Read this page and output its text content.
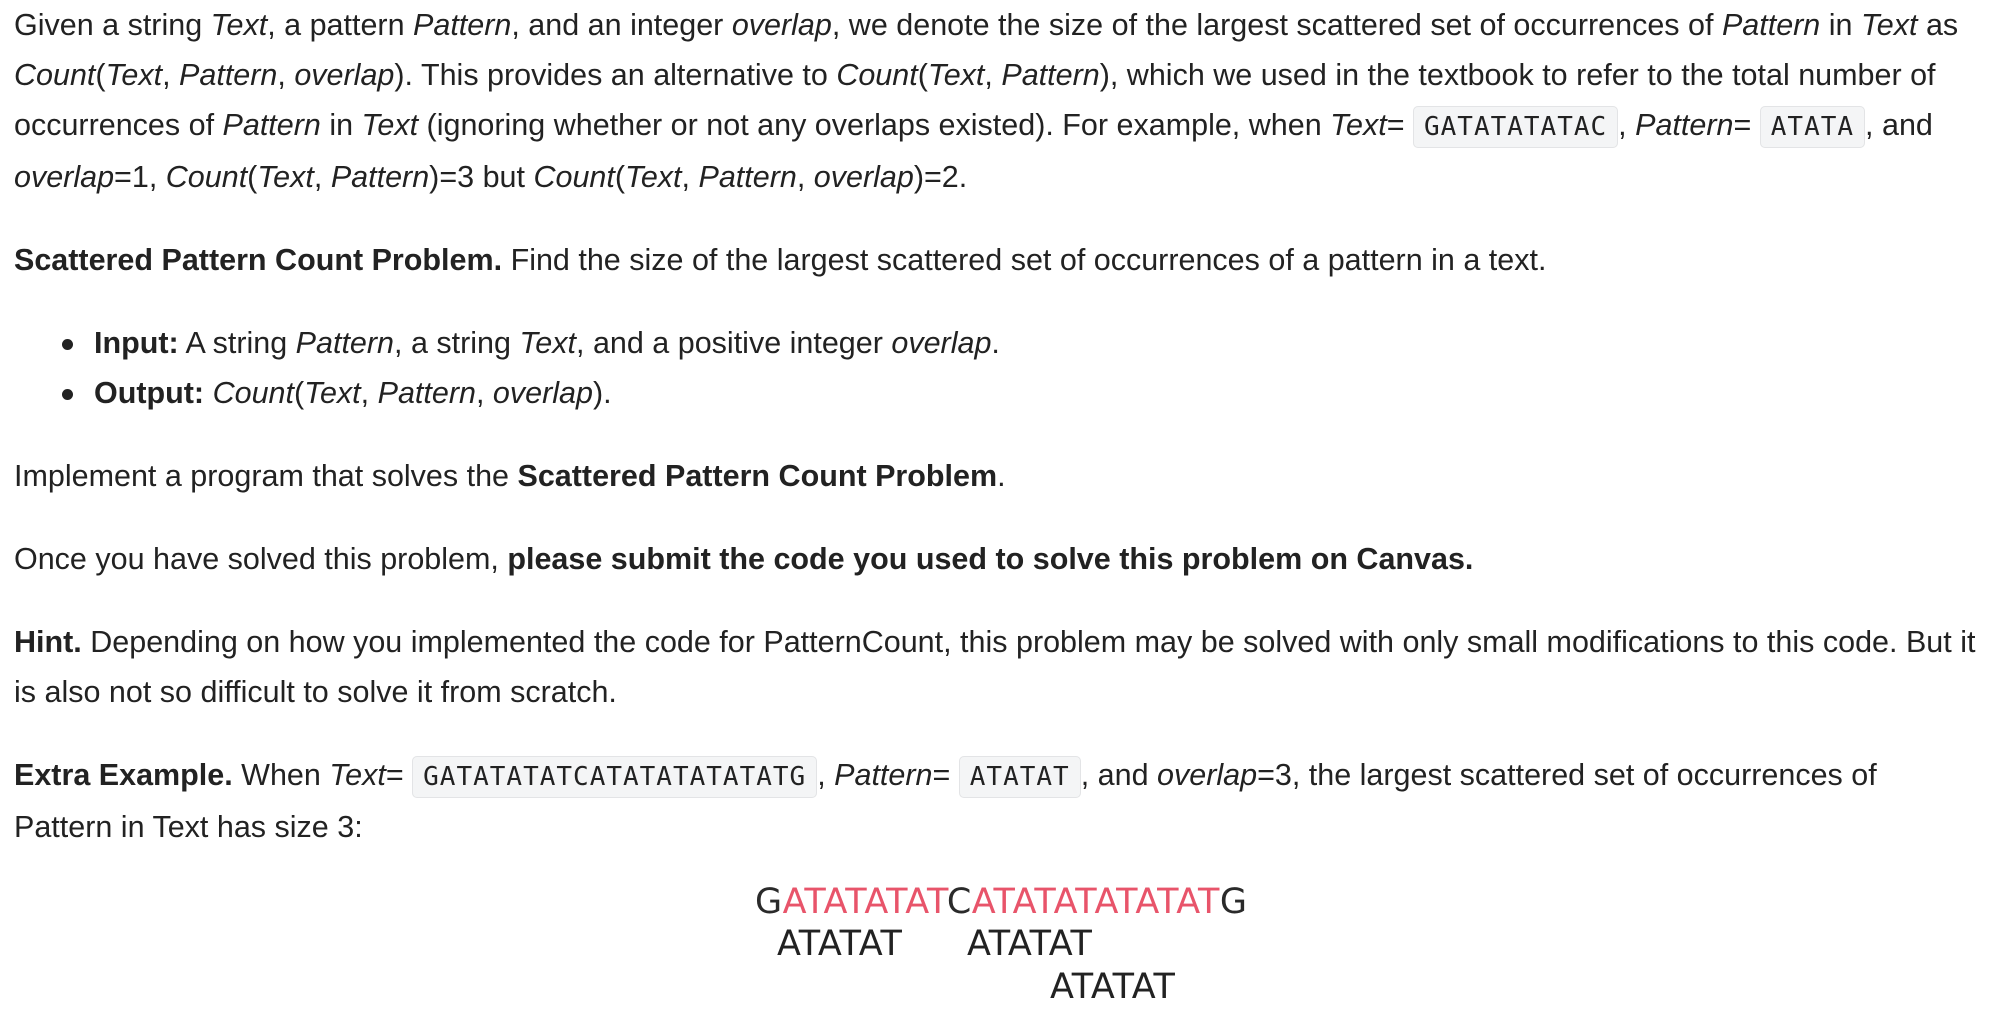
Given a string Text, a pattern Pattern, and an integer overlap, we denote the size of the largest scattered set of occurrences of Pattern in Text as Count(Text, Pattern, overlap). This provides an alternative to Count(Text, Pattern), which we used in the textbook to refer to the total number of occurrences of Pattern in Text (ignoring whether or not any overlaps existed). For example, when Text= GATATATATAC , Pattern= ATATA , and overlap=1, Count(Text, Pattern)=3 but Count(Text, Pattern, overlap)=2.

Scattered Pattern Count Problem. Find the size of the largest scattered set of occurrences of a pattern in a text.

Input: A string Pattern, a string Text, and a positive integer overlap.
Output: Count(Text, Pattern, overlap).

Implement a program that solves the Scattered Pattern Count Problem.

Once you have solved this problem, please submit the code you used to solve this problem on Canvas.

Hint. Depending on how you implemented the code for PatternCount, this problem may be solved with only small modifications to this code. But it is also not so difficult to solve it from scratch.

Extra Example. When Text= GATATATATCATATATATATATG , Pattern= ATATAT , and overlap=3, the largest scattered set of occurrences of Pattern in Text has size 3:

GATATATATCATATATATATATG
ATATAT ATATAT
ATATAT
